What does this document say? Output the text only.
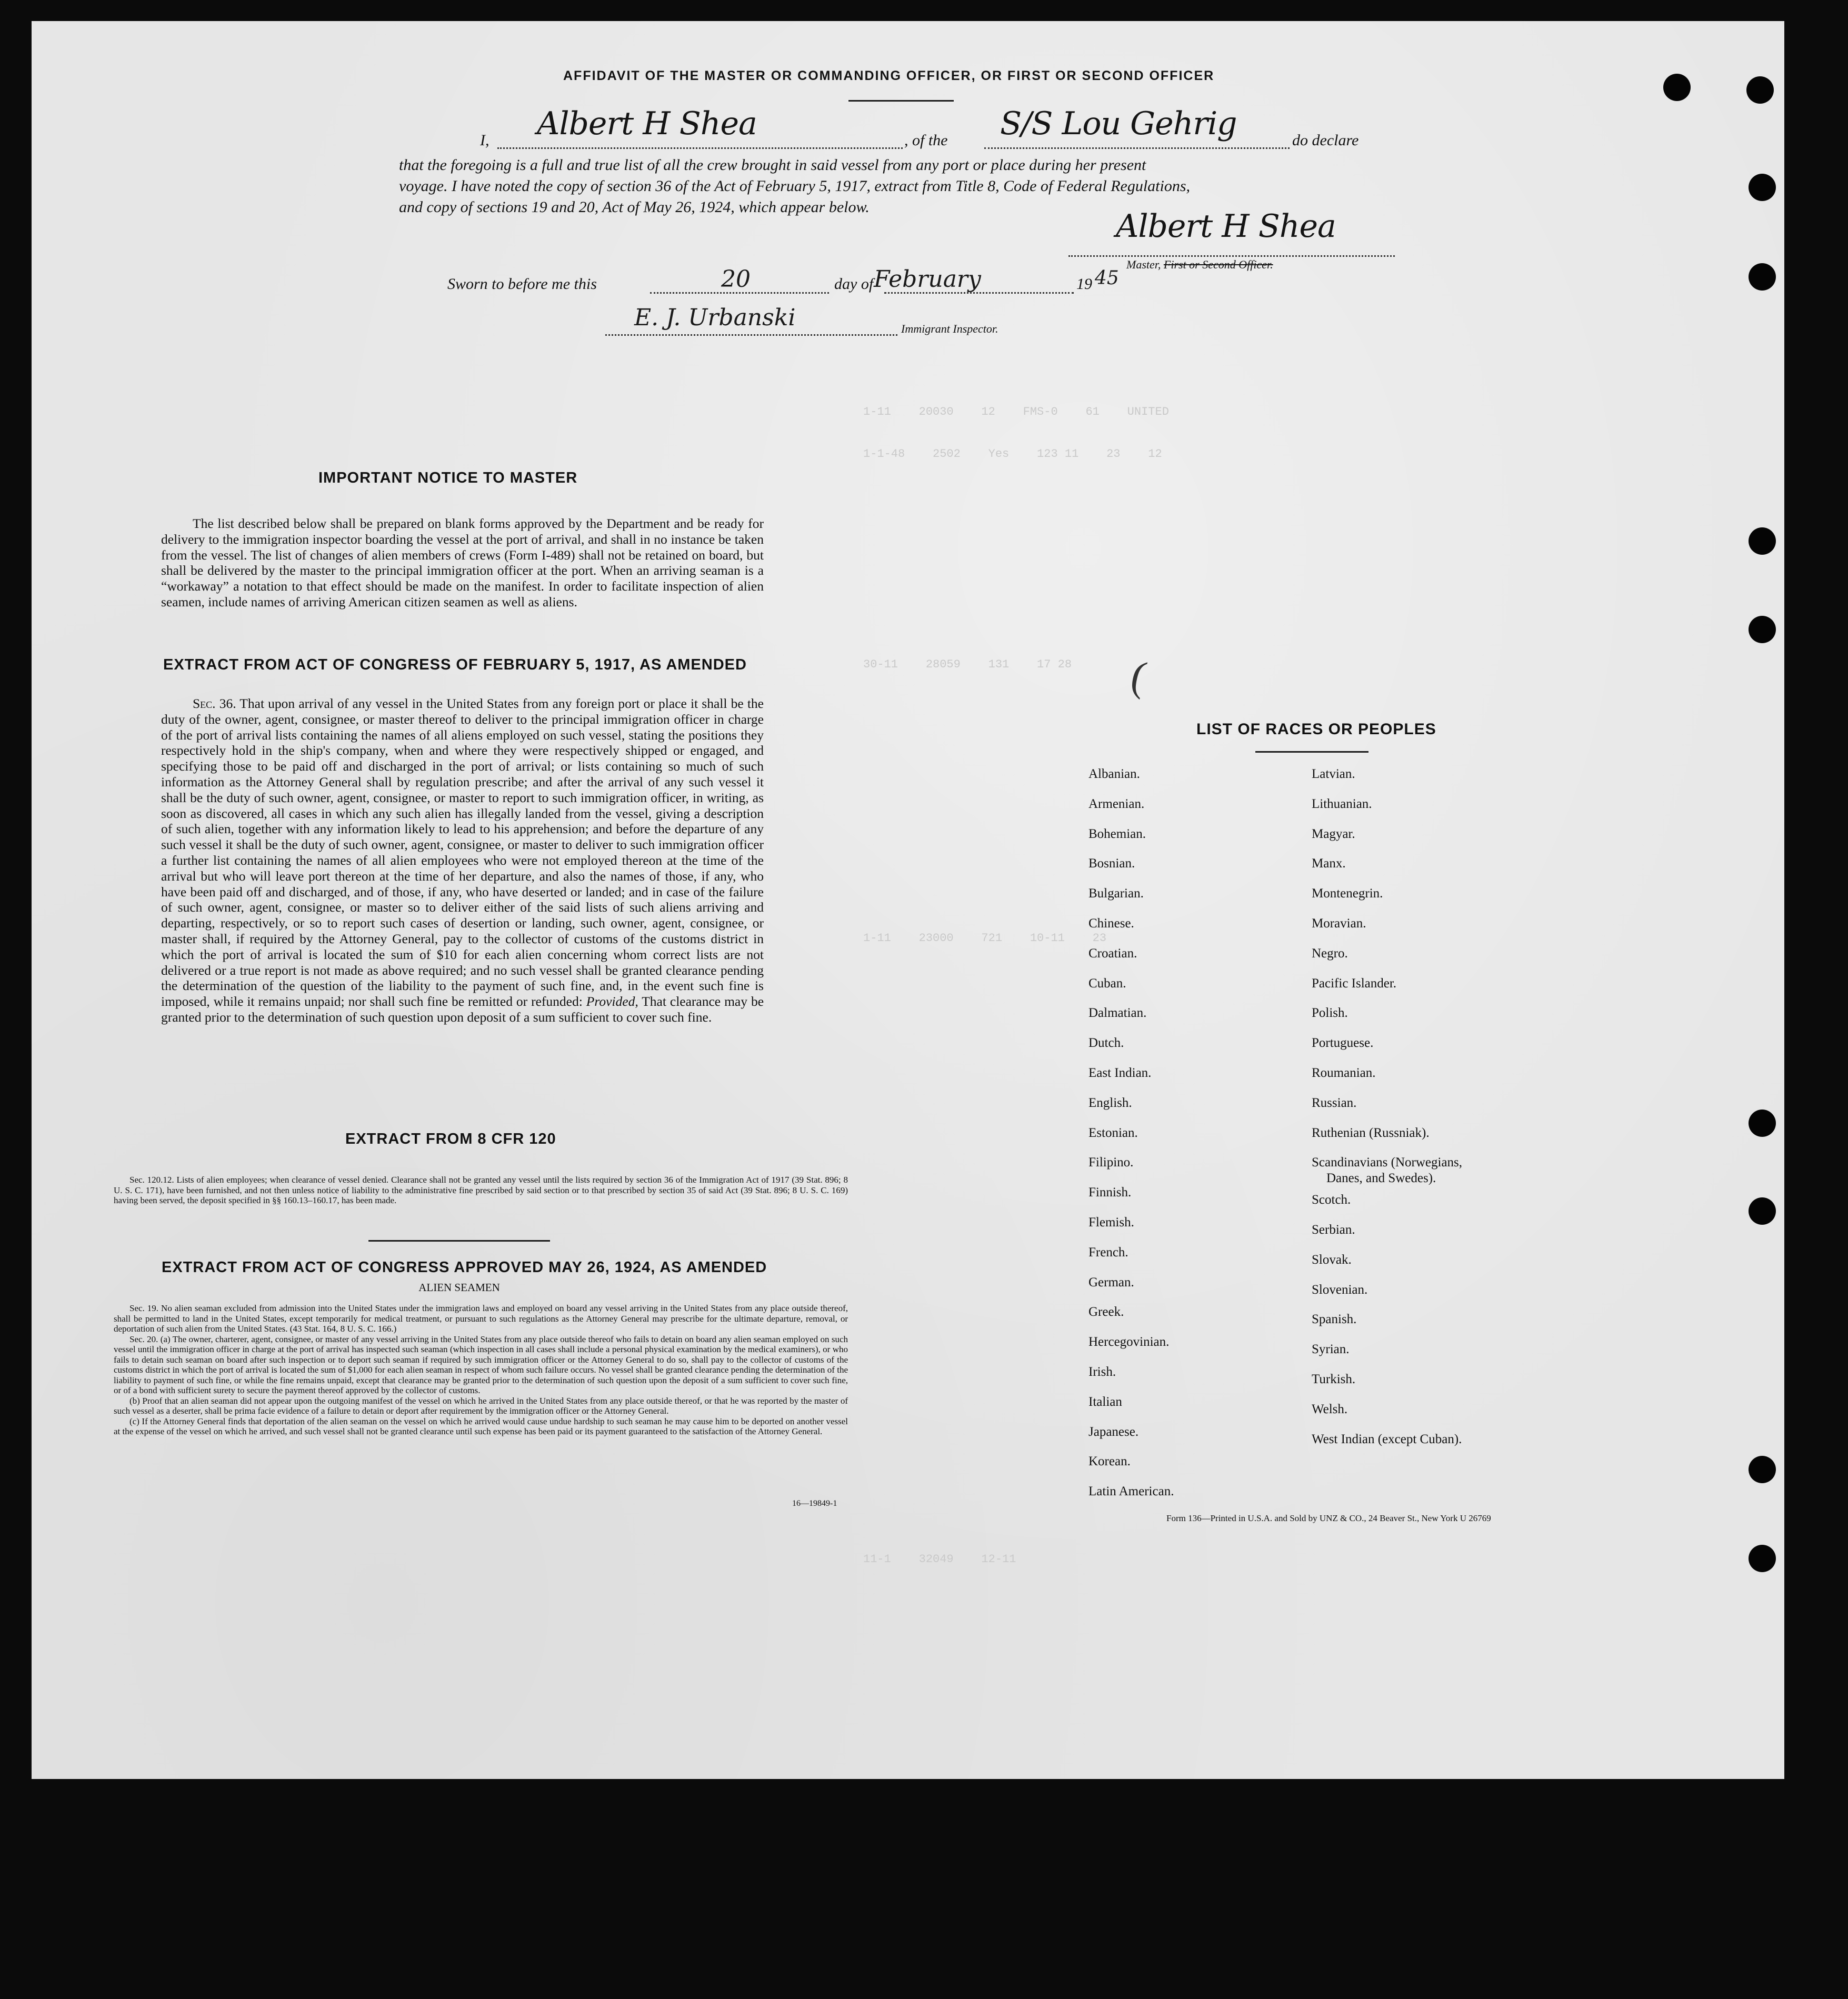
1-11    20030    12    FMS-0    61    UNITED
1-1-48    2502    Yes    123 11    23    12
30-11    28059    131    17 28
1-11    23000    721    10-11    23
11-1    32049    12-11
AFFIDAVIT OF THE MASTER OR COMMANDING OFFICER, OR FIRST OR SECOND OFFICER
I, Albert H Shea	, of the S/S Lou Gehrig	do declare
that the foregoing is a full and true list of all the crew brought in said vessel from any port or place during her present
voyage. I have noted the copy of section 36 of the Act of February 5, 1917, extract from Title 8, Code of Federal Regulations,
and copy of sections 19 and 20, Act of May 26, 1924, which appear below.
Albert H Shea
Master, First or Second Officer.
Sworn to before me this	20	day of February	19 45
E. J. Urbanski	Immigrant Inspector.
IMPORTANT NOTICE TO MASTER

The list described below shall be prepared on blank forms approved by the Department and be ready for delivery to the immigration inspector boarding the vessel at the port of arrival, and shall in no instance be taken from the vessel. The list of changes of alien members of crews (Form I-489) shall not be retained on board, but shall be delivered by the master to the principal immigration officer at the port. When an arriving seaman is a “workaway” a notation to that effect should be made on the manifest. In order to facilitate inspection of alien seamen, include names of arriving American citizen seamen as well as aliens.

EXTRACT FROM ACT OF CONGRESS OF FEBRUARY 5, 1917, AS AMENDED

Sec. 36. That upon arrival of any vessel in the United States from any foreign port or place it shall be the duty of the owner, agent, consignee, or master thereof to deliver to the principal immigration officer in charge of the port of arrival lists containing the names of all aliens employed on such vessel, stating the positions they respectively hold in the ship's company, when and where they were respectively shipped or engaged, and specifying those to be paid off and discharged in the port of arrival; or lists containing so much of such information as the Attorney General shall by regulation prescribe; and after the arrival of any such vessel it shall be the duty of such owner, agent, consignee, or master to report to such immigration officer, in writing, as soon as discovered, all cases in which any such alien has illegally landed from the vessel, giving a description of such alien, together with any information likely to lead to his apprehension; and before the departure of any such vessel it shall be the duty of such owner, agent, consignee, or master to deliver to such immigration officer a further list containing the names of all alien employees who were not employed thereon at the time of the arrival but who will leave port thereon at the time of her departure, and also the names of those, if any, who have been paid off and discharged, and of those, if any, who have deserted or landed; and in case of the failure of such owner, agent, consignee, or master so to deliver either of the said lists of such aliens arriving and departing, respectively, or so to report such cases of desertion or landing, such owner, agent, consignee, or master shall, if required by the Attorney General, pay to the collector of customs of the customs district in which the port of arrival is located the sum of $10 for each alien concerning whom correct lists are not delivered or a true report is not made as above required; and no such vessel shall be granted clearance pending the determination of the question of the liability to the payment of such fine, and, in the event such fine is imposed, while it remains unpaid; nor shall such fine be remitted or refunded: Provided, That clearance may be granted prior to the determination of such question upon deposit of a sum sufficient to cover such fine.

EXTRACT FROM 8 CFR 120

Sec. 120.12. Lists of alien employees; when clearance of vessel denied. Clearance shall not be granted any vessel until the lists required by section 36 of the Immigration Act of 1917 (39 Stat. 896; 8 U. S. C. 171), have been furnished, and not then unless notice of liability to the administrative fine prescribed by said section or to that prescribed by section 35 of said Act (39 Stat. 896; 8 U. S. C. 169) having been served, the deposit specified in §§ 160.13–160.17, has been made.

EXTRACT FROM ACT OF CONGRESS APPROVED MAY 26, 1924, AS AMENDED
ALIEN SEAMEN

Sec. 19. No alien seaman excluded from admission into the United States under the immigration laws and employed on board any vessel arriving in the United States from any place outside thereof, shall be permitted to land in the United States, except temporarily for medical treatment, or pursuant to such regulations as the Attorney General may prescribe for the ultimate departure, removal, or deportation of such alien from the United States. (43 Stat. 164, 8 U. S. C. 166.)

Sec. 20. (a) The owner, charterer, agent, consignee, or master of any vessel arriving in the United States from any place outside thereof who fails to detain on board any alien seaman employed on such vessel until the immigration officer in charge at the port of arrival has inspected such seaman (which inspection in all cases shall include a personal physical examination by the medical examiners), or who fails to detain such seaman on board after such inspection or to deport such seaman if required by such immigration officer or the Attorney General to do so, shall pay to the collector of customs of the customs district in which the port of arrival is located the sum of $1,000 for each alien seaman in respect of whom such failure occurs. No vessel shall be granted clearance pending the determination of the liability to payment of such fine, or while the fine remains unpaid, except that clearance may be granted prior to the determination of such question upon the deposit of a sum sufficient to cover such fine, or of a bond with sufficient surety to secure the payment thereof approved by the collector of customs.

(b) Proof that an alien seaman did not appear upon the outgoing manifest of the vessel on which he arrived in the United States from any place outside thereof, or that he was reported by the master of such vessel as a deserter, shall be prima facie evidence of a failure to detain or deport after requirement by the immigration officer or the Attorney General.

(c) If the Attorney General finds that deportation of the alien seaman on the vessel on which he arrived would cause undue hardship to such seaman he may cause him to be deported on another vessel at the expense of the vessel on which he arrived, and such vessel shall not be granted clearance until such expense has been paid or its payment guaranteed to the satisfaction of the Attorney General.

16—19849-1
(
LIST OF RACES OR PEOPLES
Albanian.
Armenian.
Bohemian.
Bosnian.
Bulgarian.
Chinese.
Croatian.
Cuban.
Dalmatian.
Dutch.
East Indian.
English.
Estonian.
Filipino.
Finnish.
Flemish.
French.
German.
Greek.
Hercegovinian.
Irish.
Italian
Japanese.
Korean.
Latin American.
Latvian.
Lithuanian.
Magyar.
Manx.
Montenegrin.
Moravian.
Negro.
Pacific Islander.
Polish.
Portuguese.
Roumanian.
Russian.
Ruthenian (Russniak).
Scandinavians (Norwegians,
Danes, and Swedes).
Scotch.
Serbian.
Slovak.
Slovenian.
Spanish.
Syrian.
Turkish.
Welsh.
West Indian (except Cuban).
Form 136—Printed in U.S.A. and Sold by UNZ & CO., 24 Beaver St., New York U 26769
